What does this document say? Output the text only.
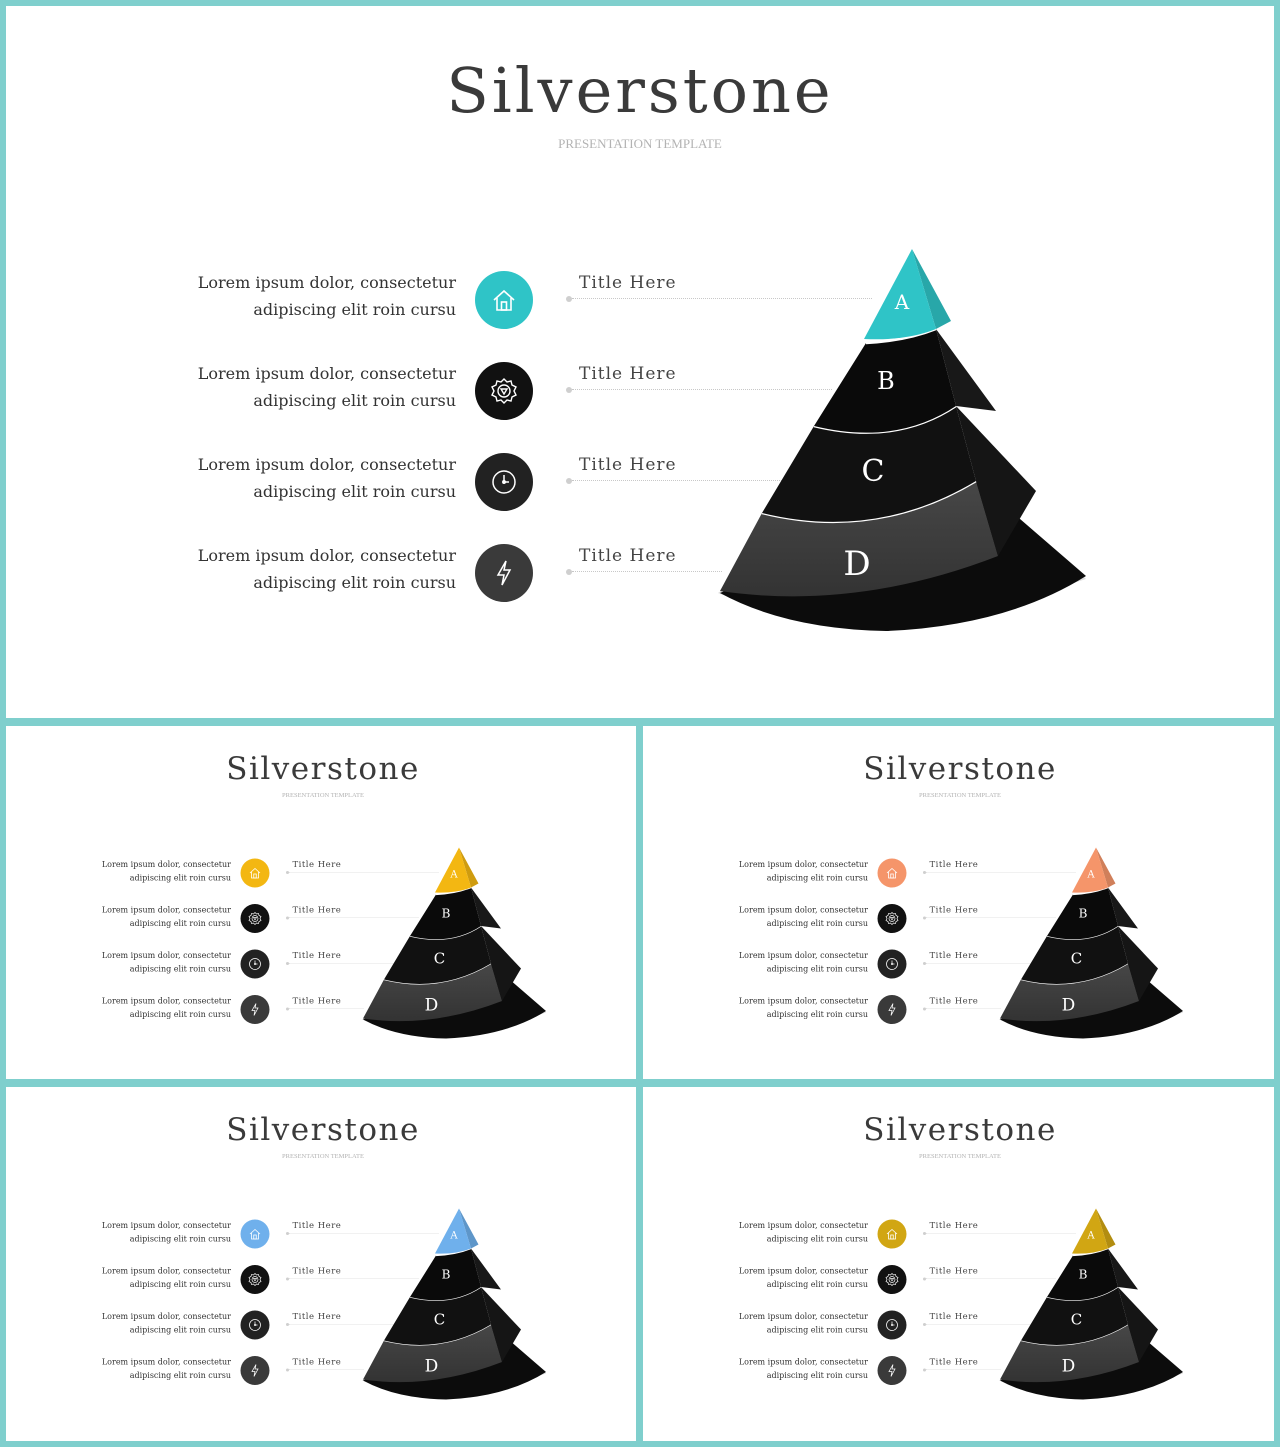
Silverstone
PRESENTATION TEMPLATE
Lorem ipsum dolor, consectetur
adipiscing elit roin cursu
Title Here
Lorem ipsum dolor, consectetur
adipiscing elit roin cursu
Title Here
Lorem ipsum dolor, consectetur
adipiscing elit roin cursu
Title Here
Lorem ipsum dolor, consectetur
adipiscing elit roin cursu
Title Here
A
B
C
D
Silverstone
PRESENTATION TEMPLATE
Lorem ipsum dolor, consectetur
adipiscing elit roin cursu
Title Here
Lorem ipsum dolor, consectetur
adipiscing elit roin cursu
Title Here
Lorem ipsum dolor, consectetur
adipiscing elit roin cursu
Title Here
Lorem ipsum dolor, consectetur
adipiscing elit roin cursu
Title Here
A
B
C
D
Silverstone
PRESENTATION TEMPLATE
Lorem ipsum dolor, consectetur
adipiscing elit roin cursu
Title Here
Lorem ipsum dolor, consectetur
adipiscing elit roin cursu
Title Here
Lorem ipsum dolor, consectetur
adipiscing elit roin cursu
Title Here
Lorem ipsum dolor, consectetur
adipiscing elit roin cursu
Title Here
A
B
C
D
Silverstone
PRESENTATION TEMPLATE
Lorem ipsum dolor, consectetur
adipiscing elit roin cursu
Title Here
Lorem ipsum dolor, consectetur
adipiscing elit roin cursu
Title Here
Lorem ipsum dolor, consectetur
adipiscing elit roin cursu
Title Here
Lorem ipsum dolor, consectetur
adipiscing elit roin cursu
Title Here
A
B
C
D
Silverstone
PRESENTATION TEMPLATE
Lorem ipsum dolor, consectetur
adipiscing elit roin cursu
Title Here
Lorem ipsum dolor, consectetur
adipiscing elit roin cursu
Title Here
Lorem ipsum dolor, consectetur
adipiscing elit roin cursu
Title Here
Lorem ipsum dolor, consectetur
adipiscing elit roin cursu
Title Here
A
B
C
D
